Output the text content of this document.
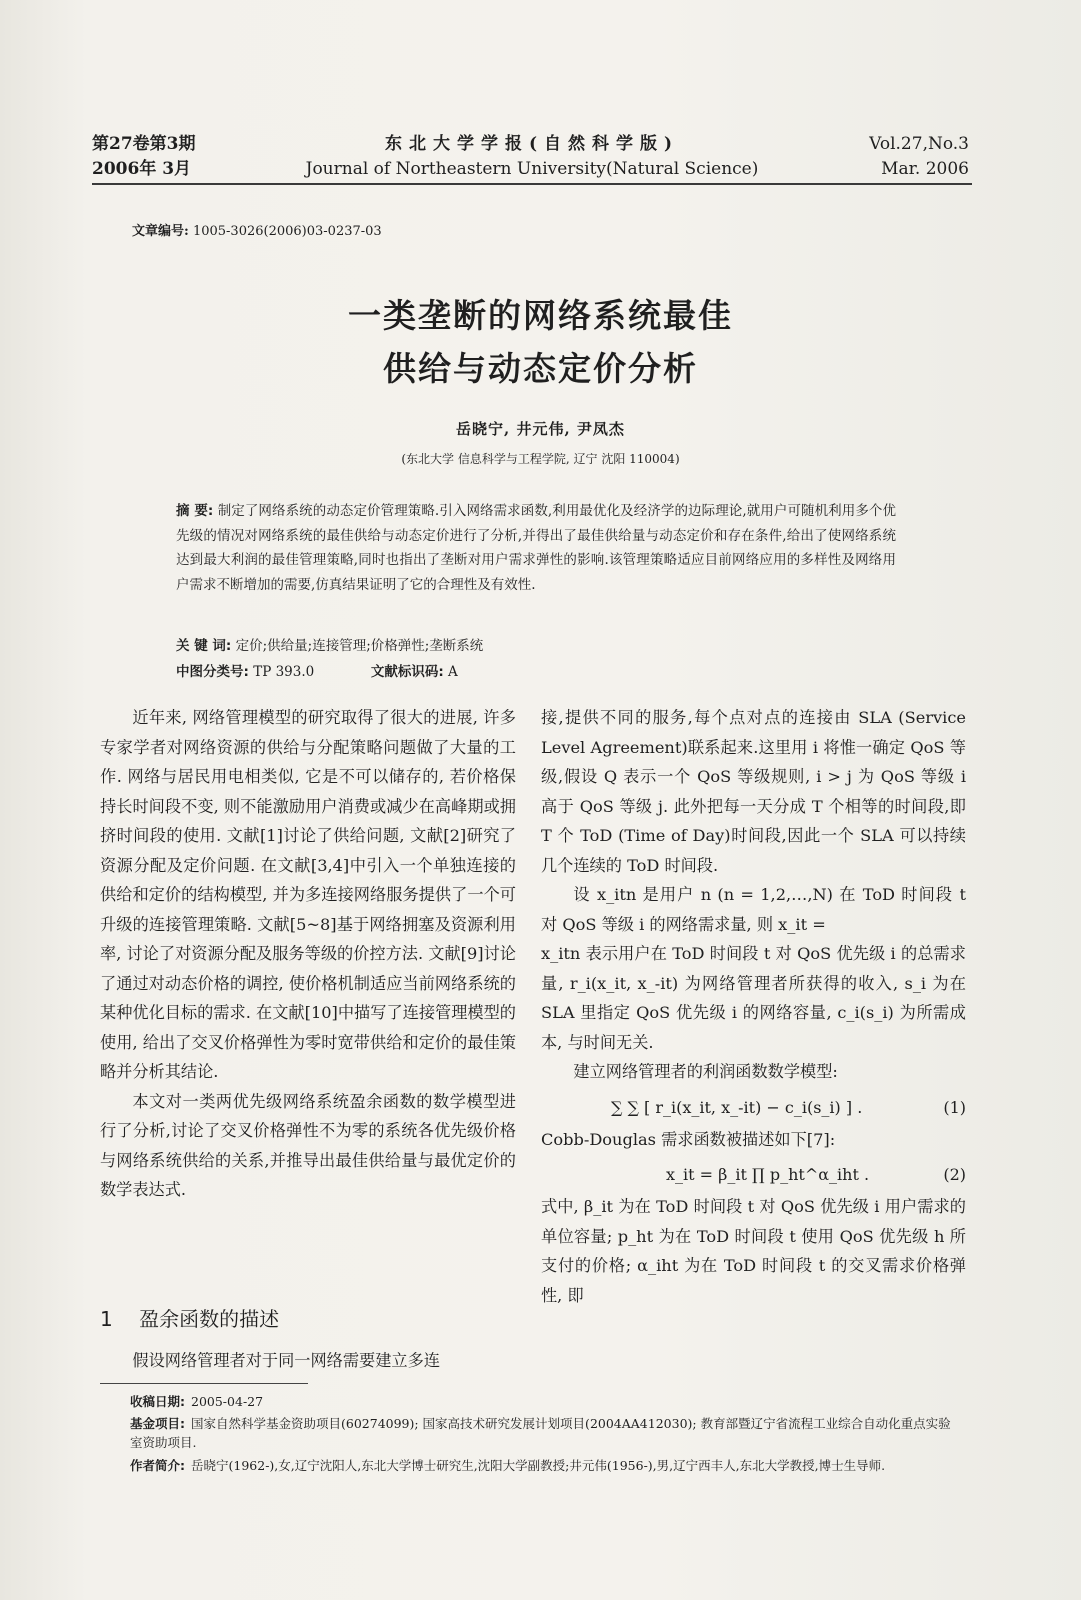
第27卷第3期
2006年 3月
东北大学学报(自然科学版)
Journal of Northeastern University(Natural Science)
Vol.27,No.3
Mar. 2006
文章编号: 1005-3026(2006)03-0237-03
一类垄断的网络系统最佳
供给与动态定价分析
岳晓宁, 井元伟, 尹凤杰
(东北大学 信息科学与工程学院, 辽宁 沈阳 110004)
摘 要: 制定了网络系统的动态定价管理策略.引入网络需求函数,利用最优化及经济学的边际理论,就用户可随机利用多个优先级的情况对网络系统的最佳供给与动态定价进行了分析,并得出了最佳供给量与动态定价和存在条件,给出了使网络系统达到最大利润的最佳管理策略,同时也指出了垄断对用户需求弹性的影响.该管理策略适应目前网络应用的多样性及网络用户需求不断增加的需要,仿真结果证明了它的合理性及有效性.
关 键 词: 定价;供给量;连接管理;价格弹性;垄断系统
中图分类号: TP 393.0	文献标识码: A

近年来, 网络管理模型的研究取得了很大的进展, 许多专家学者对网络资源的供给与分配策略问题做了大量的工作. 网络与居民用电相类似, 它是不可以储存的, 若价格保持长时间段不变, 则不能激励用户消费或减少在高峰期或拥挤时间段的使用. 文献[1]讨论了供给问题, 文献[2]研究了资源分配及定价问题. 在文献[3,4]中引入一个单独连接的供给和定价的结构模型, 并为多连接网络服务提供了一个可升级的连接管理策略. 文献[5~8]基于网络拥塞及资源利用率, 讨论了对资源分配及服务等级的价控方法. 文献[9]讨论了通过对动态价格的调控, 使价格机制适应当前网络系统的某种优化目标的需求. 在文献[10]中描写了连接管理模型的使用, 给出了交叉价格弹性为零时宽带供给和定价的最佳策略并分析其结论.

本文对一类两优先级网络系统盈余函数的数学模型进行了分析,讨论了交叉价格弹性不为零的系统各优先级价格与网络系统供给的关系,并推导出最佳供给量与最优定价的数学表达式.

1 盈余函数的描述

假设网络管理者对于同一网络需要建立多连

接,提供不同的服务,每个点对点的连接由 SLA (Service Level Agreement)联系起来.这里用 i 将惟一确定 QoS 等级,假设 Q 表示一个 QoS 等级规则, i > j 为 QoS 等级 i 高于 QoS 等级 j. 此外把每一天分成 T 个相等的时间段,即 T 个 ToD (Time of Day)时间段,因此一个 SLA 可以持续几个连续的 ToD 时间段.

设 x_itn 是用户 n (n = 1,2,…,N) 在 ToD 时间段 t 对 QoS 等级 i 的网络需求量, 则 x_it =

x_itn 表示用户在 ToD 时间段 t 对 QoS 优先级 i 的总需求量, r_i(x_it, x_-it) 为网络管理者所获得的收入, s_i 为在 SLA 里指定 QoS 优先级 i 的网络容量, c_i(s_i) 为所需成本, 与时间无关.

建立网络管理者的利润函数数学模型:

∑ ∑ [ r_i(x_it, x_-it) − c_i(s_i) ] .	(1)

Cobb-Douglas 需求函数被描述如下[7]:

x_it = β_it ∏ p_ht^α_iht .	(2)

式中, β_it 为在 ToD 时间段 t 对 QoS 优先级 i 用户需求的单位容量; p_ht 为在 ToD 时间段 t 使用 QoS 优先级 h 所支付的价格; α_iht 为在 ToD 时间段 t 的交叉需求价格弹性, 即

收稿日期: 2005-04-27
基金项目: 国家自然科学基金资助项目(60274099); 国家高技术研究发展计划项目(2004AA412030); 教育部暨辽宁省流程工业综合自动化重点实验室资助项目.
作者简介: 岳晓宁(1962-),女,辽宁沈阳人,东北大学博士研究生,沈阳大学副教授;井元伟(1956-),男,辽宁西丰人,东北大学教授,博士生导师.
